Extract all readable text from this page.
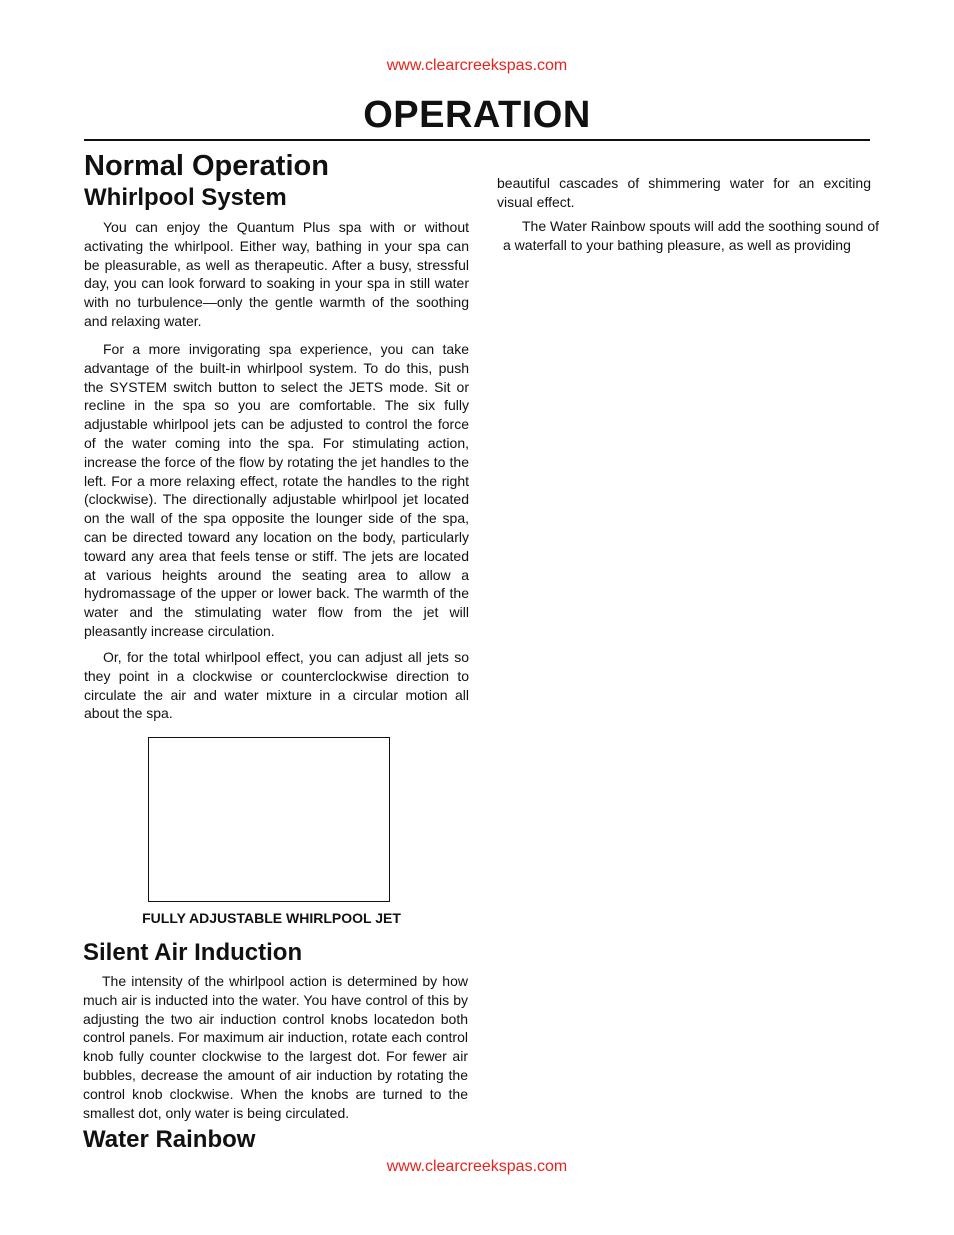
www.clearcreekspas.com
OPERATION
Normal Operation
Whirlpool System

You can enjoy the Quantum Plus spa with or without activating the whirlpool. Either way, bathing in your spa can be pleasurable, as well as therapeutic. After a busy, stressful day, you can look forward to soaking in your spa in still water with no turbulence—only the gentle warmth of the soothing and relaxing water.

For a more invigorating spa experience, you can take advantage of the built-in whirlpool system. To do this, push the SYSTEM switch button to select the JETS mode. Sit or recline in the spa so you are comfortable. The six fully adjustable whirlpool jets can be adjusted to control the force of the water coming into the spa. For stimulating action, increase the force of the flow by rotating the jet handles to the left. For a more relaxing effect, rotate the handles to the right (clockwise). The directionally adjustable whirlpool jet located on the wall of the spa opposite the lounger side of the spa, can be directed toward any location on the body, particularly toward any area that feels tense or stiff. The jets are located at various heights around the seating area to allow a hydromassage of the upper or lower back. The warmth of the water and the stimulating water flow from the jet will pleasantly increase circulation.

Or, for the total whirlpool effect, you can adjust all jets so they point in a clockwise or counterclockwise direction to circulate the air and water mixture in a circular motion all about the spa.

FULLY ADJUSTABLE WHIRLPOOL JET
Silent Air Induction

The intensity of the whirlpool action is determined by how much air is inducted into the water. You have control of this by adjusting the two air induction control knobs locatedon both control panels. For maximum air induction, rotate each control knob fully counter clockwise to the largest dot. For fewer air bubbles, decrease the amount of air induction by rotating the control knob clockwise. When the knobs are turned to the smallest dot, only water is being circulated.

Water Rainbow

beautiful cascades of shimmering water for an exciting visual effect.

The Water Rainbow spouts will add the soothing sound of a waterfall to your bathing pleasure, as well as providing

www.clearcreekspas.com
